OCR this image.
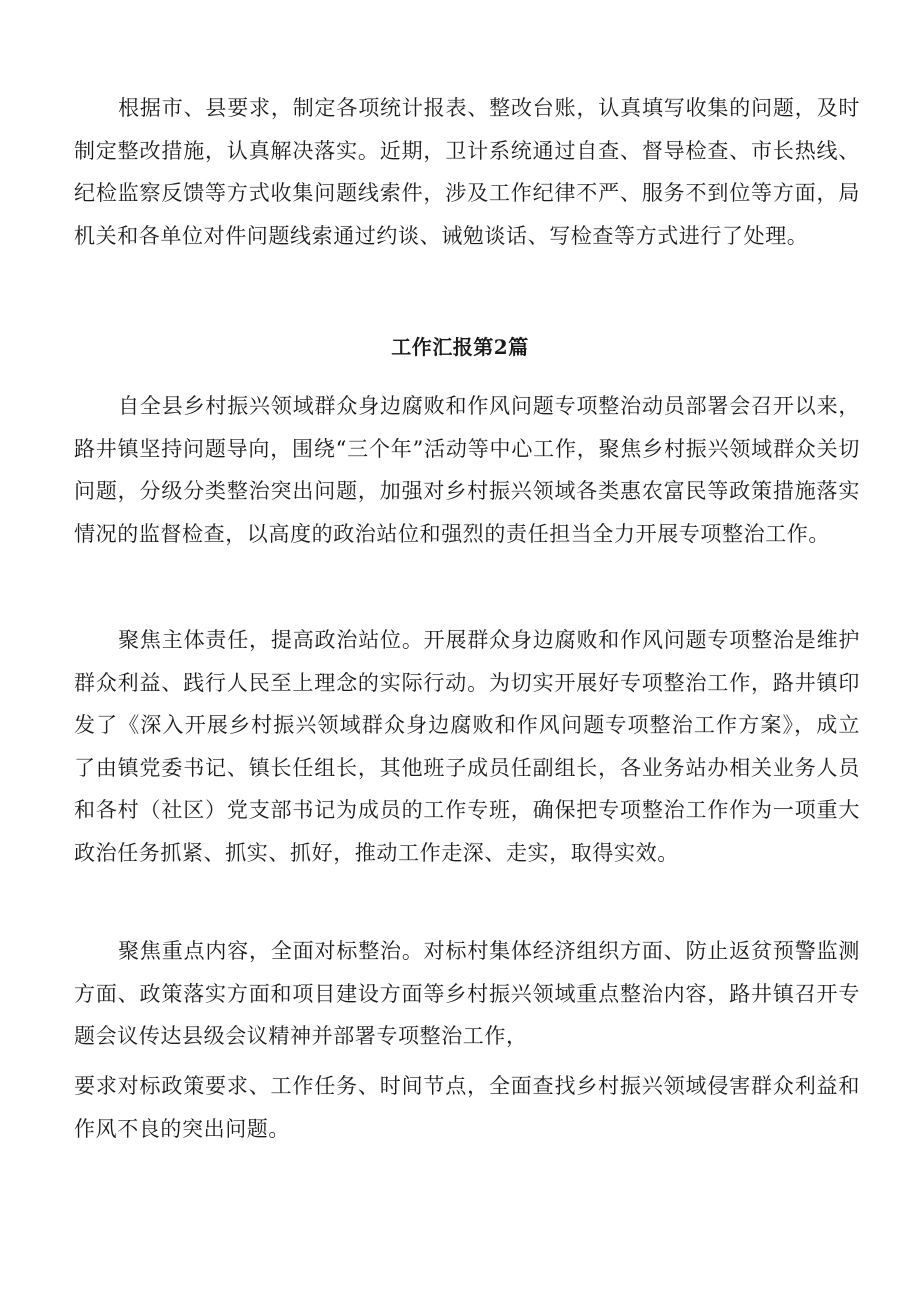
根据市、县要求，制定各项统计报表、整改台账，认真填写收集的问题，及时制定整改措施，认真解决落实。近期，卫计系统通过自查、督导检查、市长热线、纪检监察反馈等方式收集问题线索件，涉及工作纪律不严、服务不到位等方面，局机关和各单位对件问题线索通过约谈、诫勉谈话、写检查等方式进行了处理。

工作汇报第2篇

自全县乡村振兴领域群众身边腐败和作风问题专项整治动员部署会召开以来，路井镇坚持问题导向，围绕“三个年”活动等中心工作，聚焦乡村振兴领域群众关切问题，分级分类整治突出问题，加强对乡村振兴领域各类惠农富民等政策措施落实情况的监督检查，以高度的政治站位和强烈的责任担当全力开展专项整治工作。

聚焦主体责任，提高政治站位。开展群众身边腐败和作风问题专项整治是维护群众利益、践行人民至上理念的实际行动。为切实开展好专项整治工作，路井镇印发了《深入开展乡村振兴领域群众身边腐败和作风问题专项整治工作方案》，成立了由镇党委书记、镇长任组长，其他班子成员任副组长，各业务站办相关业务人员和各村（社区）党支部书记为成员的工作专班，确保把专项整治工作作为一项重大政治任务抓紧、抓实、抓好，推动工作走深、走实，取得实效。

聚焦重点内容，全面对标整治。对标村集体经济组织方面、防止返贫预警监测方面、政策落实方面和项目建设方面等乡村振兴领域重点整治内容，路井镇召开专题会议传达县级会议精神并部署专项整治工作，

要求对标政策要求、工作任务、时间节点，全面查找乡村振兴领域侵害群众利益和作风不良的突出问题。
